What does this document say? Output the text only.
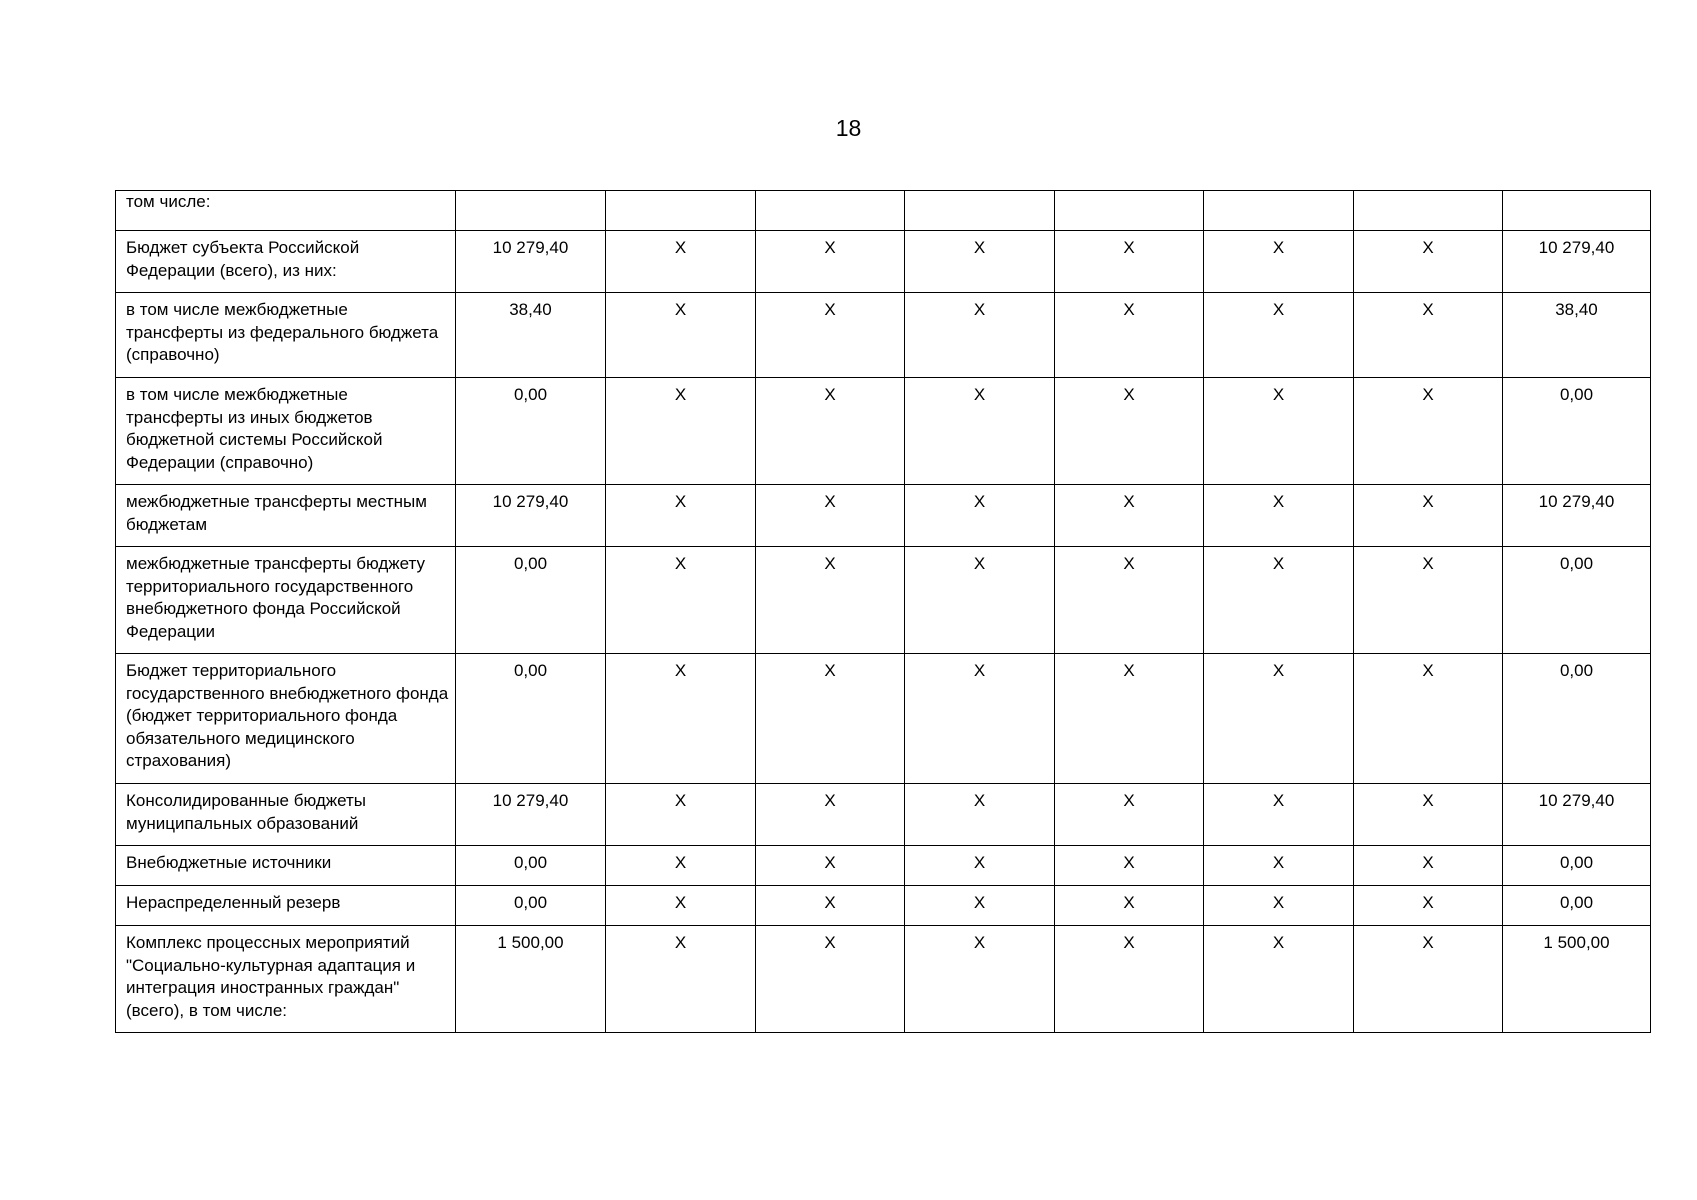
18
том числе:								
Бюджет субъекта Российской Федерации (всего), из них:	10 279,40	X	X	X	X	X	X	10 279,40
в том числе межбюджетные трансферты из федерального бюджета (справочно)	38,40	X	X	X	X	X	X	38,40
в том числе межбюджетные трансферты из иных бюджетов бюджетной системы Российской Федерации (справочно)	0,00	X	X	X	X	X	X	0,00
межбюджетные трансферты местным бюджетам	10 279,40	X	X	X	X	X	X	10 279,40
межбюджетные трансферты бюджету территориального государственного внебюджетного фонда Российской Федерации	0,00	X	X	X	X	X	X	0,00
Бюджет территориального государственного внебюджетного фонда (бюджет территориального фонда обязательного медицинского страхования)	0,00	X	X	X	X	X	X	0,00
Консолидированные бюджеты муниципальных образований	10 279,40	X	X	X	X	X	X	10 279,40
Внебюджетные источники	0,00	X	X	X	X	X	X	0,00
Нераспределенный резерв	0,00	X	X	X	X	X	X	0,00
Комплекс процессных мероприятий "Социально-культурная адаптация и интеграция иностранных граждан" (всего), в том числе:	1 500,00	X	X	X	X	X	X	1 500,00
